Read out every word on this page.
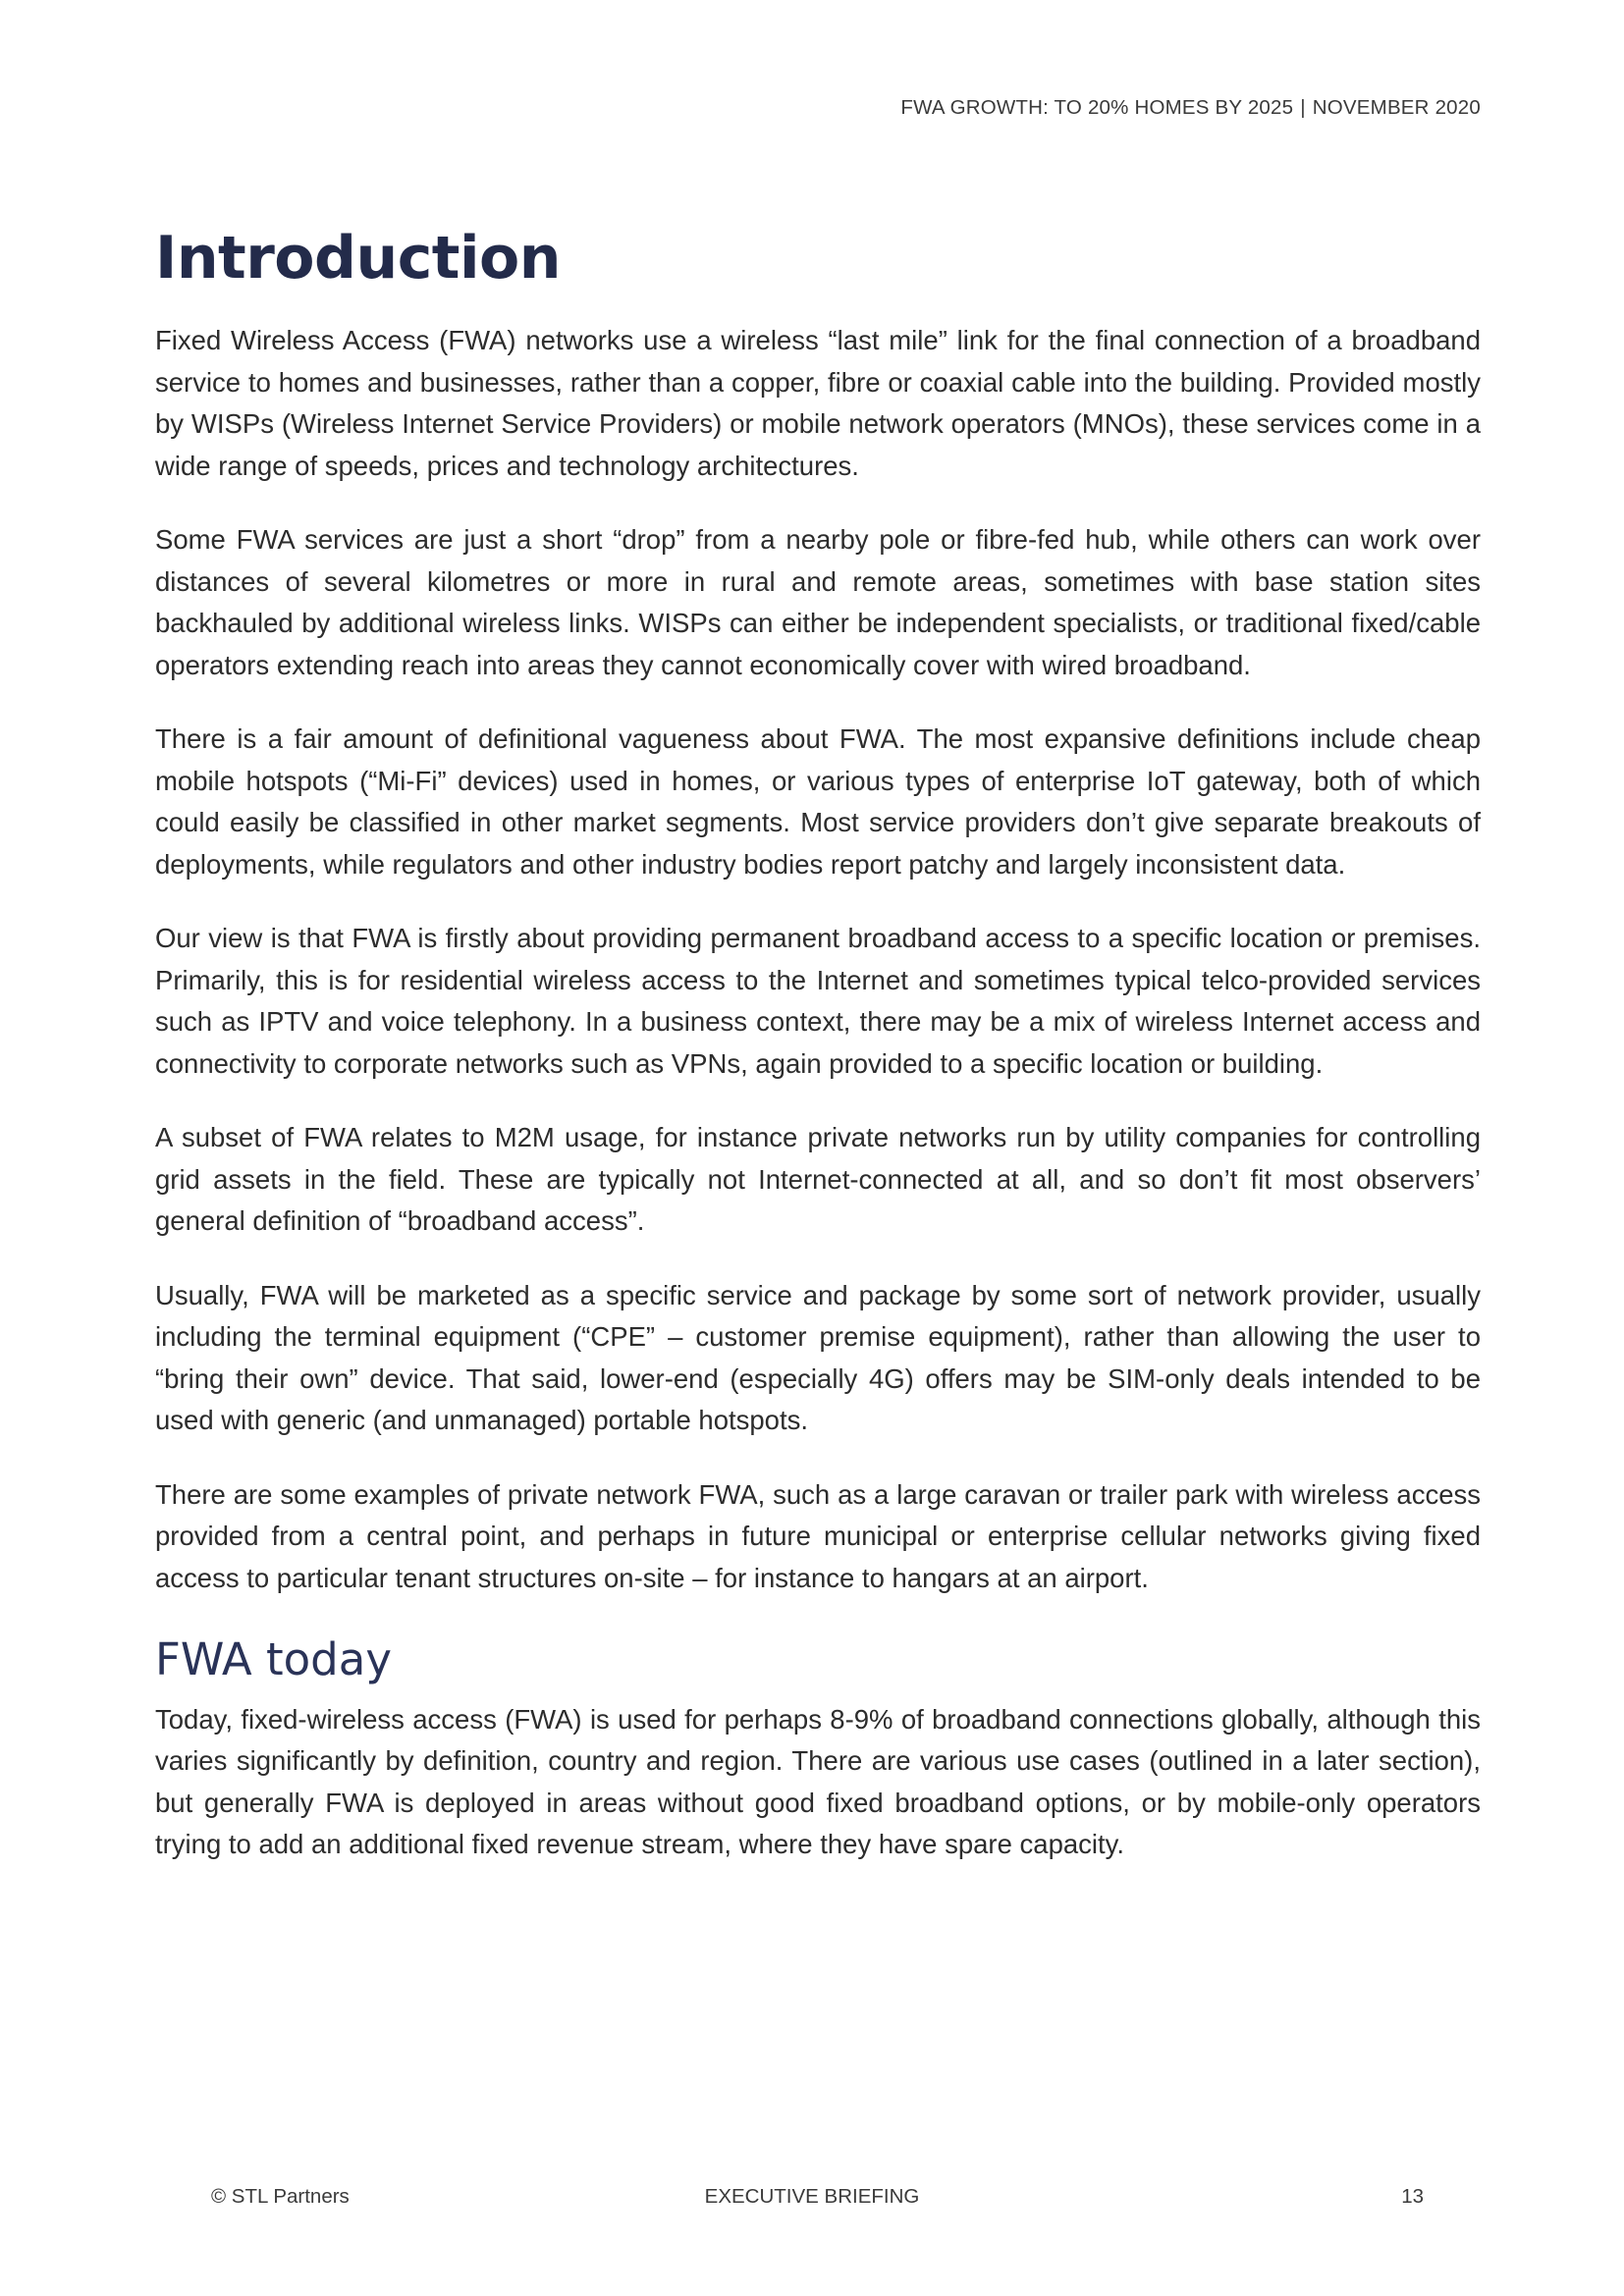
FWA GROWTH: TO 20% HOMES BY 2025 | NOVEMBER 2020
Introduction

Fixed Wireless Access (FWA) networks use a wireless “last mile” link for the final connection of a broadband service to homes and businesses, rather than a copper, fibre or coaxial cable into the building. Provided mostly by WISPs (Wireless Internet Service Providers) or mobile network operators (MNOs), these services come in a wide range of speeds, prices and technology architectures.

Some FWA services are just a short “drop” from a nearby pole or fibre-fed hub, while others can work over distances of several kilometres or more in rural and remote areas, sometimes with base station sites backhauled by additional wireless links. WISPs can either be independent specialists, or traditional fixed/cable operators extending reach into areas they cannot economically cover with wired broadband.

There is a fair amount of definitional vagueness about FWA. The most expansive definitions include cheap mobile hotspots (“Mi-Fi” devices) used in homes, or various types of enterprise IoT gateway, both of which could easily be classified in other market segments. Most service providers don’t give separate breakouts of deployments, while regulators and other industry bodies report patchy and largely inconsistent data.

Our view is that FWA is firstly about providing permanent broadband access to a specific location or premises. Primarily, this is for residential wireless access to the Internet and sometimes typical telco-provided services such as IPTV and voice telephony. In a business context, there may be a mix of wireless Internet access and connectivity to corporate networks such as VPNs, again provided to a specific location or building.

A subset of FWA relates to M2M usage, for instance private networks run by utility companies for controlling grid assets in the field. These are typically not Internet-connected at all, and so don’t fit most observers’ general definition of “broadband access”.

Usually, FWA will be marketed as a specific service and package by some sort of network provider, usually including the terminal equipment (“CPE” – customer premise equipment), rather than allowing the user to “bring their own” device. That said, lower-end (especially 4G) offers may be SIM-only deals intended to be used with generic (and unmanaged) portable hotspots.

There are some examples of private network FWA, such as a large caravan or trailer park with wireless access provided from a central point, and perhaps in future municipal or enterprise cellular networks giving fixed access to particular tenant structures on-site – for instance to hangars at an airport.

FWA today

Today, fixed-wireless access (FWA) is used for perhaps 8-9% of broadband connections globally, although this varies significantly by definition, country and region. There are various use cases (outlined in a later section), but generally FWA is deployed in areas without good fixed broadband options, or by mobile-only operators trying to add an additional fixed revenue stream, where they have spare capacity.

© STL Partners	EXECUTIVE BRIEFING	13
